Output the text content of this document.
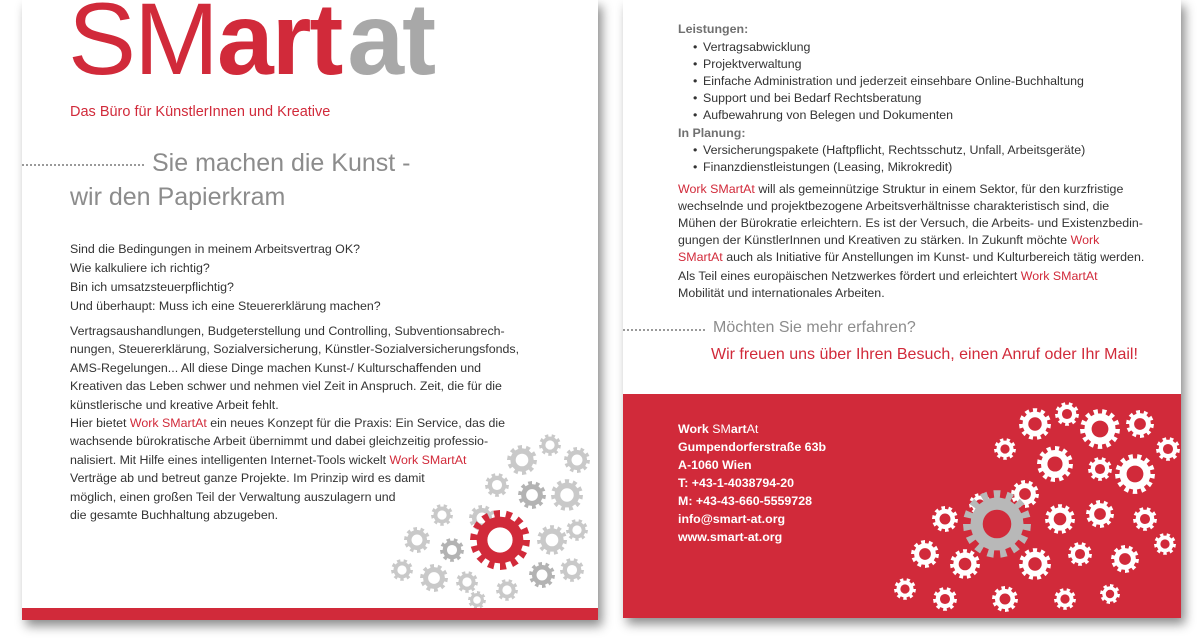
SMartat
Das Büro für KünstlerInnen und Kreative
Sie machen die Kunst -
wir den Papierkram
Sind die Bedingungen in meinem Arbeitsvertrag OK?
Wie kalkuliere ich richtig?
Bin ich umsatzsteuerpflichtig?
Und überhaupt: Muss ich eine Steuererklärung machen?
Vertragsaushandlungen, Budgeterstellung und Controlling, Subventionsabrech-
nungen, Steuererklärung, Sozialversicherung, Künstler-Sozialversicherungsfonds,
AMS-Regelungen... All diese Dinge machen Kunst-/ Kulturschaffenden und
Kreativen das Leben schwer und nehmen viel Zeit in Anspruch. Zeit, die für die
künstlerische und kreative Arbeit fehlt.
Hier bietet Work SMartAt ein neues Konzept für die Praxis: Ein Service, das die
wachsende bürokratische Arbeit übernimmt und dabei gleichzeitig professio-
nalisiert. Mit Hilfe eines intelligenten Internet-Tools wickelt Work SMartAt
Verträge ab und betreut ganze Projekte. Im Prinzip wird es damit
möglich, einen großen Teil der Verwaltung auszulagern und
die gesamte Buchhaltung abzugeben.
Leistungen:
• Vertragsabwicklung
• Projektverwaltung
• Einfache Administration und jederzeit einsehbare Online-Buchhaltung
• Support und bei Bedarf Rechtsberatung
• Aufbewahrung von Belegen und Dokumenten
In Planung:
• Versicherungspakete (Haftpflicht, Rechtsschutz, Unfall, Arbeitsgeräte)
• Finanzdienstleistungen (Leasing, Mikrokredit)
Work SMartAt will als gemeinnützige Struktur in einem Sektor, für den kurzfristige
wechselnde und projektbezogene Arbeitsverhältnisse charakteristisch sind, die
Mühen der Bürokratie erleichtern. Es ist der Versuch, die Arbeits- und Existenzbedin-
gungen der KünstlerInnen und Kreativen zu stärken. In Zukunft möchte Work
SMartAt auch als Initiative für Anstellungen im Kunst- und Kulturbereich tätig werden.
Als Teil eines europäischen Netzwerkes fördert und erleichtert Work SMartAt
Mobilität und internationales Arbeiten.
Möchten Sie mehr erfahren?
Wir freuen uns über Ihren Besuch, einen Anruf oder Ihr Mail!
Work SMartAt
Gumpendorferstraße 63b
A-1060 Wien
T: +43-1-4038794-20
M: +43-43-660-5559728
info@smart-at.org
www.smart-at.org
